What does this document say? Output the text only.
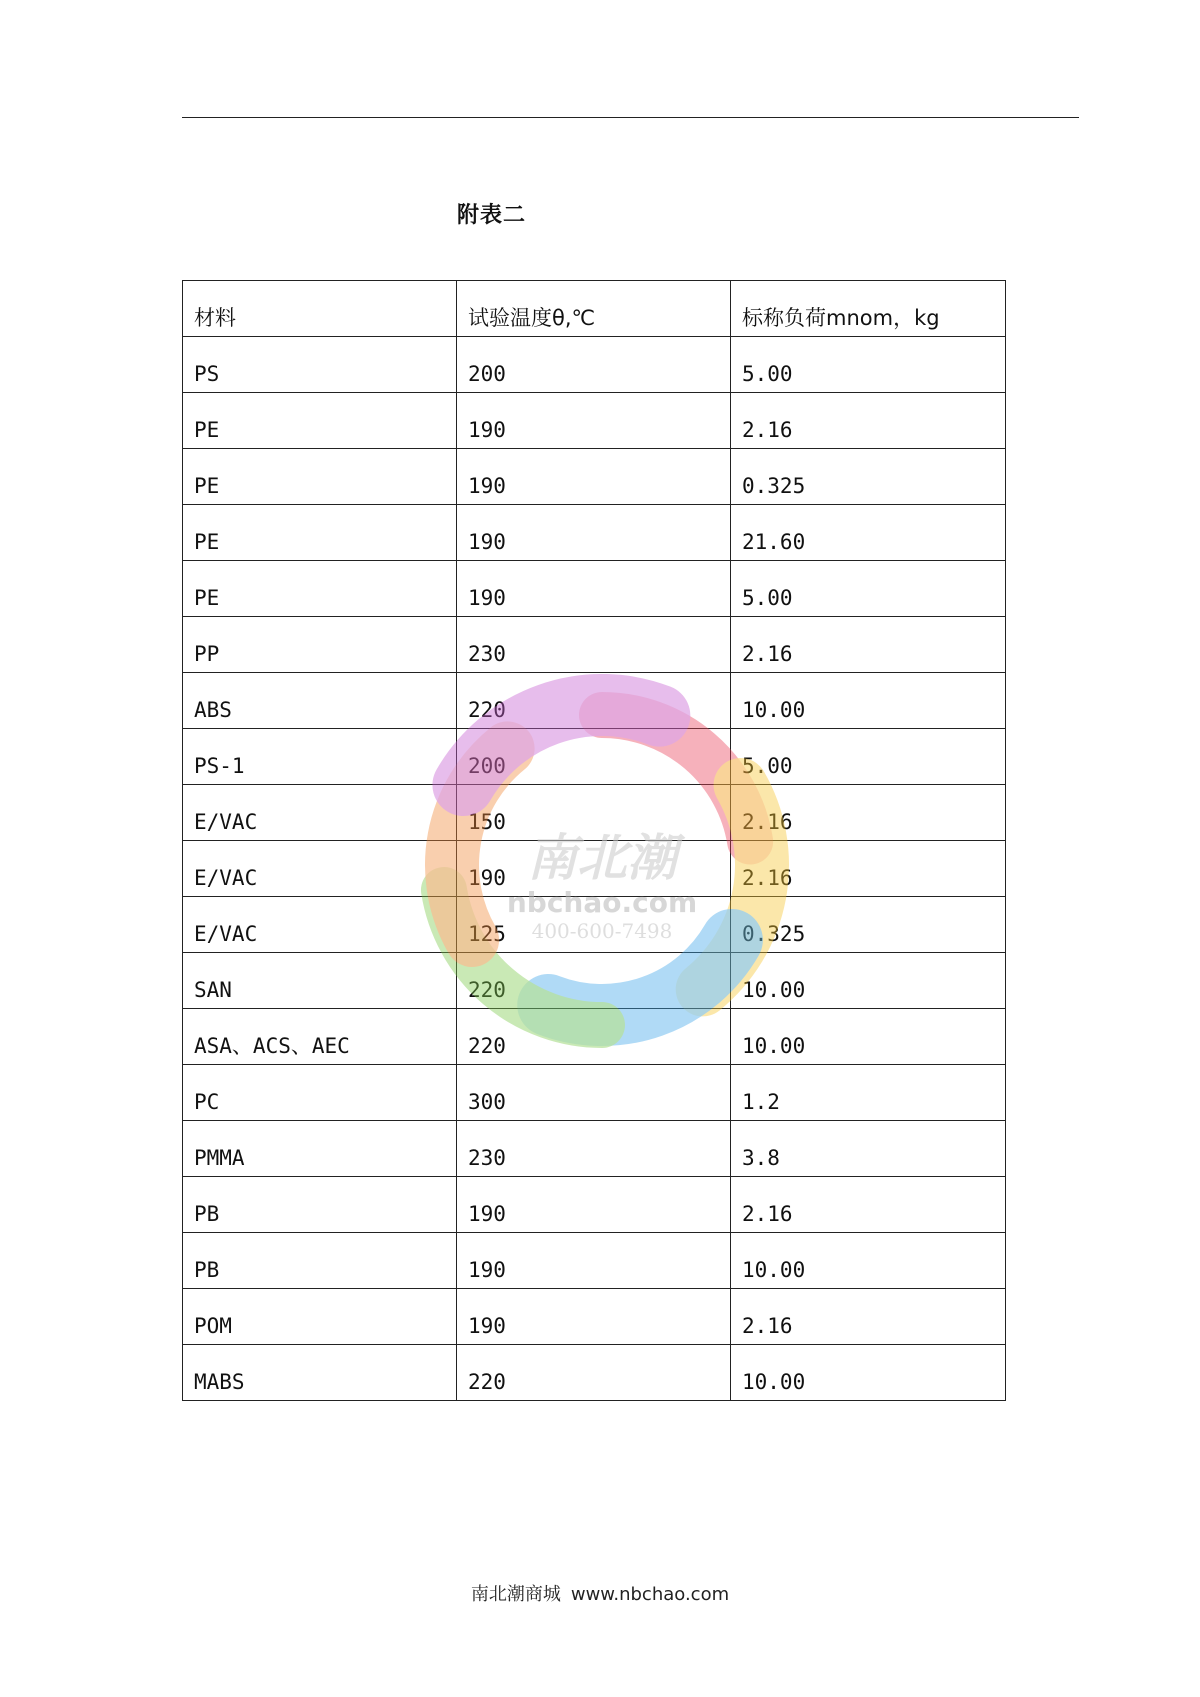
附表二
材料	试验温度θ,℃	标称负荷mnom，kg
PS	200	5.00
PE	190	2.16
PE	190	0.325
PE	190	21.60
PE	190	5.00
PP	230	2.16
ABS	220	10.00
PS-1	200	5.00
E/VAC	150	2.16
E/VAC	190	2.16
E/VAC	125	0.325
SAN	220	10.00
ASA、ACS、AEC	220	10.00
PC	300	1.2
PMMA	230	3.8
PB	190	2.16
PB	190	10.00
POM	190	2.16
MABS	220	10.00
南北潮
nbchao.com
400-600-7498
南北潮商城 www.nbchao.com
